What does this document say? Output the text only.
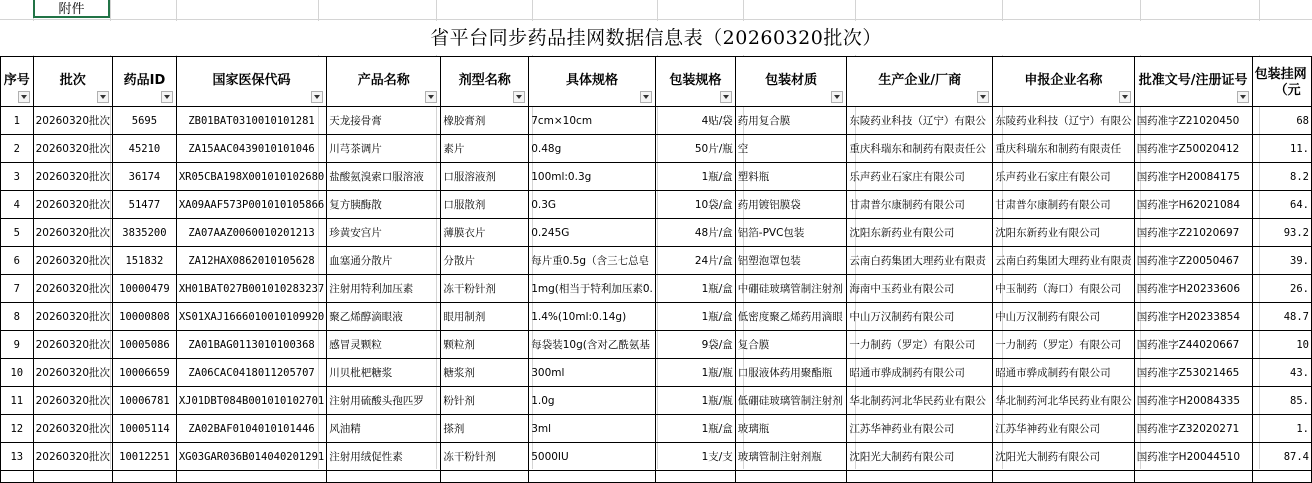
附件
省平台同步药品挂网数据信息表（20260320批次）
序号	批次	药品ID	国家医保代码	产品名称	剂型名称	具体规格	包装规格	包装材质	生产企业/厂商	申报企业名称	批准文号/注册证号	包装挂网
（元
1	20260320批次	5695	ZB01BAT0310010101281	天龙接骨膏	橡胶膏剂	7cm×10cm	4贴/袋	药用复合膜	东陵药业科技（辽宁）有限公	东陵药业科技（辽宁）有限公	国药准字Z21020450	68
2	20260320批次	45210	ZA15AAC0439010101046	川芎茶调片	素片	0.48g	50片/瓶	空	重庆科瑞东和制药有限责任公	重庆科瑞东和制药有限责任	国药准字Z50020412	11.
3	20260320批次	36174	XR05CBA198X001010102680	盐酸氨溴索口服溶液	口服溶液剂	100ml:0.3g	1瓶/盒	塑料瓶	乐声药业石家庄有限公司	乐声药业石家庄有限公司	国药准字H20084175	8.2
4	20260320批次	51477	XA09AAF573P001010105866	复方胰酶散	口服散剂	0.3G	10袋/盒	药用镀铝膜袋	甘肃普尔康制药有限公司	甘肃普尔康制药有限公司	国药准字H62021084	64.
5	20260320批次	3835200	ZA07AAZ0060010201213	珍黄安宫片	薄膜衣片	0.245G	48片/盒	铝箔-PVC包装	沈阳东新药业有限公司	沈阳东新药业有限公司	国药准字Z21020697	93.2
6	20260320批次	151832	ZA12HAX0862010105628	血塞通分散片	分散片	每片重0.5g（含三七总皂	24片/盒	铝塑泡罩包装	云南白药集团大理药业有限责	云南白药集团大理药业有限责	国药准字Z20050467	39.
7	20260320批次	10000479	XH01BAT027B001010283237	注射用特利加压素	冻干粉针剂	1mg(相当于特利加压素0.	1瓶/盒	中硼硅玻璃管制注射剂	海南中玉药业有限公司	中玉制药（海口）有限公司	国药准字H20233606	26.
8	20260320批次	10000808	XS01XAJ1666010010109920	聚乙烯醇滴眼液	眼用制剂	1.4%(10ml:0.14g)	1瓶/盒	低密度聚乙烯药用滴眼	中山万汉制药有限公司	中山万汉制药有限公司	国药准字H20233854	48.7
9	20260320批次	10005086	ZA01BAG0113010100368	感冒灵颗粒	颗粒剂	每袋装10g(含对乙酰氨基	9袋/盒	复合膜	一力制药（罗定）有限公司	一力制药（罗定）有限公司	国药准字Z44020667	10
10	20260320批次	10006659	ZA06CAC0418011205707	川贝枇杷糖浆	糖浆剂	300ml	1瓶/瓶	口服液体药用聚酯瓶	昭通市骅成制药有限公司	昭通市骅成制药有限公司	国药准字Z53021465	43.
11	20260320批次	10006781	XJ01DBT084B001010102701	注射用硫酸头孢匹罗	粉针剂	1.0g	1瓶/瓶	低硼硅玻璃管制注射剂	华北制药河北华民药业有限公	华北制药河北华民药业有限公	国药准字H20084335	85.
12	20260320批次	10005114	ZA02BAF0104010101446	风油精	搽剂	3ml	1瓶/盒	玻璃瓶	江苏华神药业有限公司	江苏华神药业有限公司	国药准字Z32020271	1.
13	20260320批次	10012251	XG03GAR036B014040201291	注射用绒促性素	冻干粉针剂	5000IU	1支/支	玻璃管制注射剂瓶	沈阳光大制药有限公司	沈阳光大制药有限公司	国药准字H20044510	87.4
